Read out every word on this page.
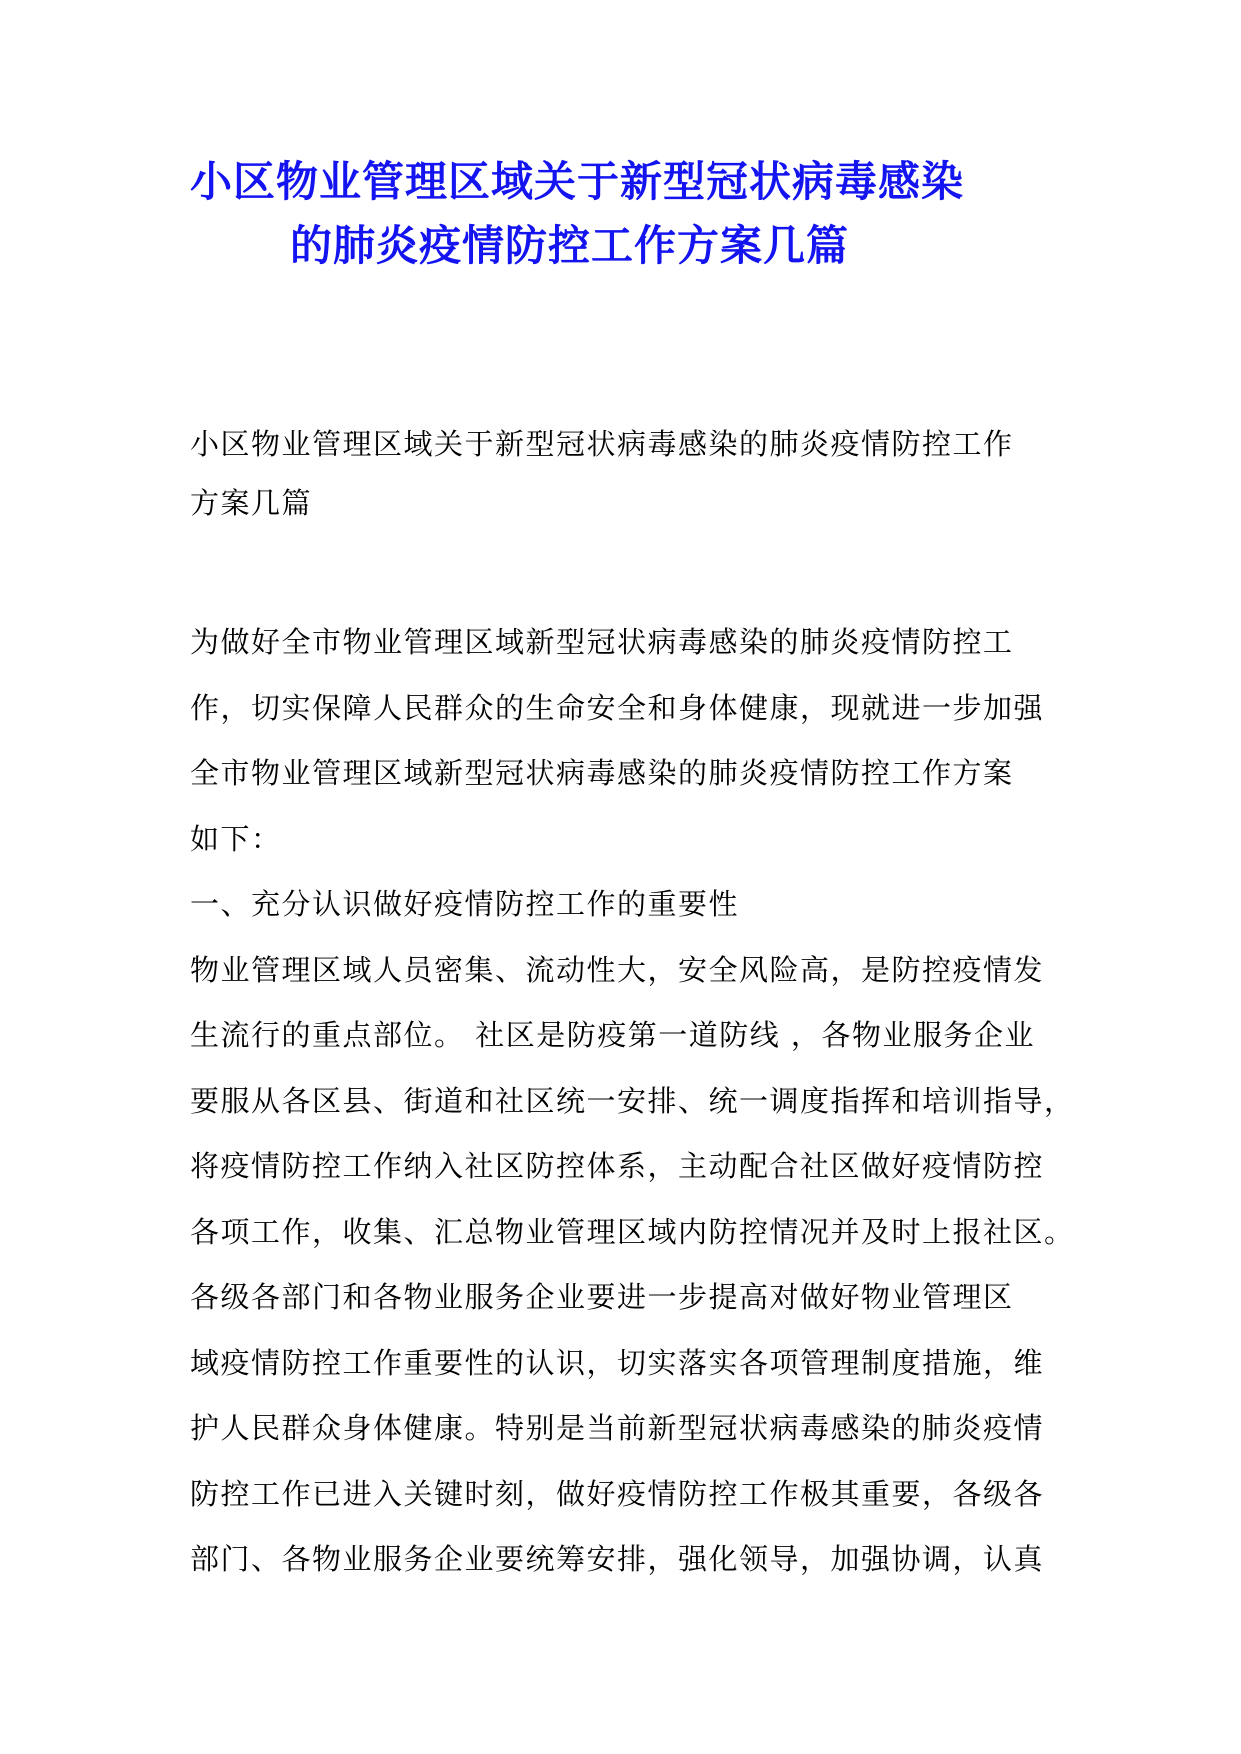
小区物业管理区域关于新型冠状病毒感染
的肺炎疫情防控工作方案几篇
小区物业管理区域关于新型冠状病毒感染的肺炎疫情防控工作
方案几篇
为做好全市物业管理区域新型冠状病毒感染的肺炎疫情防控工
作，切实保障人民群众的生命安全和身体健康，现就进一步加强
全市物业管理区域新型冠状病毒感染的肺炎疫情防控工作方案
如下：
一、充分认识做好疫情防控工作的重要性
物业管理区域人员密集、流动性大，安全风险高，是防控疫情发
生流行的重点部位。 社区是防疫第一道防线 ，各物业服务企业
要服从各区县、街道和社区统一安排、统一调度指挥和培训指导，
将疫情防控工作纳入社区防控体系，主动配合社区做好疫情防控
各项工作，收集、汇总物业管理区域内防控情况并及时上报社区。
各级各部门和各物业服务企业要进一步提高对做好物业管理区
域疫情防控工作重要性的认识，切实落实各项管理制度措施，维
护人民群众身体健康。特别是当前新型冠状病毒感染的肺炎疫情
防控工作已进入关键时刻，做好疫情防控工作极其重要，各级各
部门、各物业服务企业要统筹安排，强化领导，加强协调，认真
